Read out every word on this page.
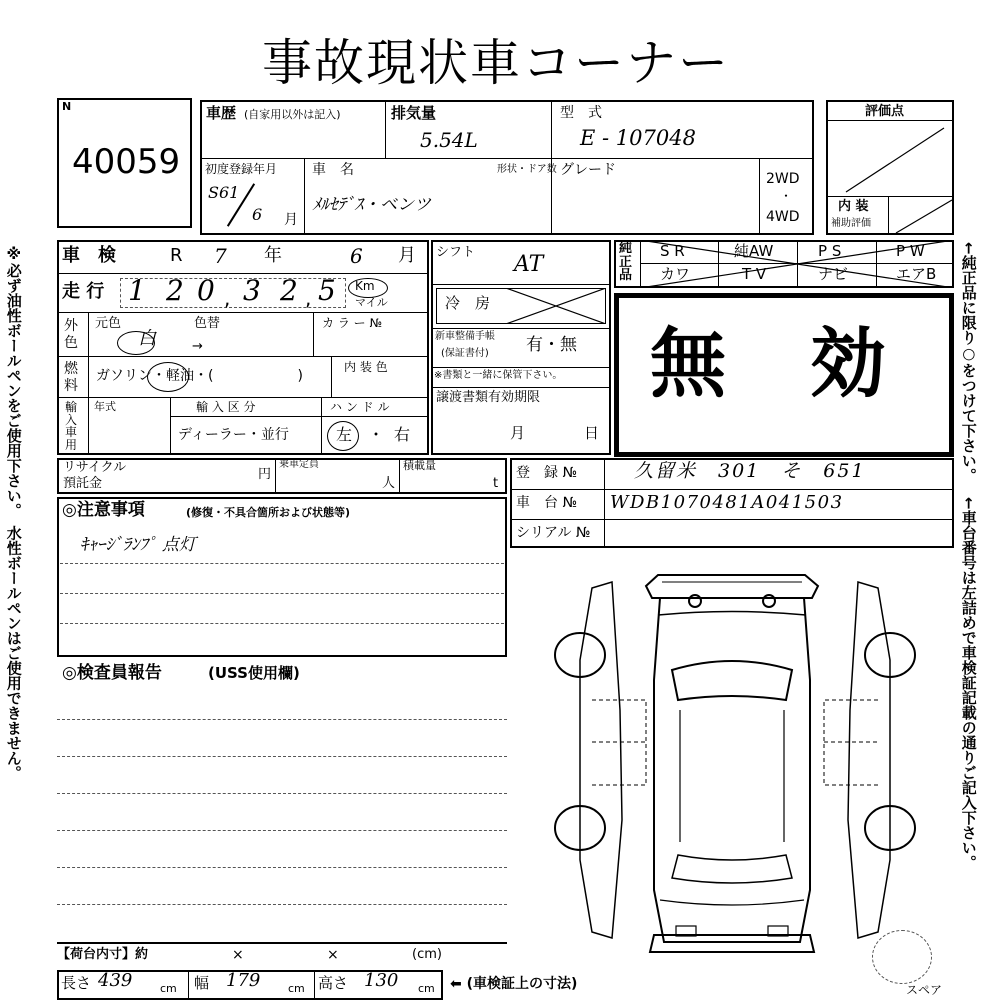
事故現状車コーナー
※必ず油性ボールペンをご使用下さい。　水性ボールペンはご使用できません。	←純正品に限り○をつけて下さい。
←車台番号は左詰めで車検証記載の通りご記入下さい。
N
40059
車歴 (自家用以外は記入)	排気量
5.54L
型　式
E - 107048
初度登録年月
S61
6 月
車　名
ﾒﾙｾﾃﾞｽ・ベンツ
形状・ドア数 グレード
2WD
・
4WD
評価点
内 装
補助評価
車　検	R 7 年	6 月
走 行 1 2 0 , 3 2 , 5 Km
マイル
外色
元色
白
色替
→
カ ラ ー №
燃料
ガソリン・軽油・(　　　　　　)
内 装 色
輸入車用
年式	輸 入 区 分
ディーラー・並行
ハ ン ド ル
左 ・ 右
シフト AT
冷　房
新車整備手帳
(保証書付) 有・無
※書類と一緒に保管下さい。
譲渡書類有効期限
月	日
純正品
S R	純AW	P S	P W
カワ	T V	ナビ	エアB
無　効
リサイクル
預託金
円
乗車定員
人
積載量
t
登　録 №	久留米　301　そ　651
車　台 № WDB1070481A041503
シリアル №
◎注意事項	(修復・不具合箇所および状態等)
ｷｬｰｼﾞﾗﾝﾌﾟ 点灯
◎検査員報告	(USS使用欄)
【荷台内寸】約	×	×	(cm)
長さ 439	cm 幅 179	cm 高さ 130 cm ⬅ (車検証上の寸法)	スペア
